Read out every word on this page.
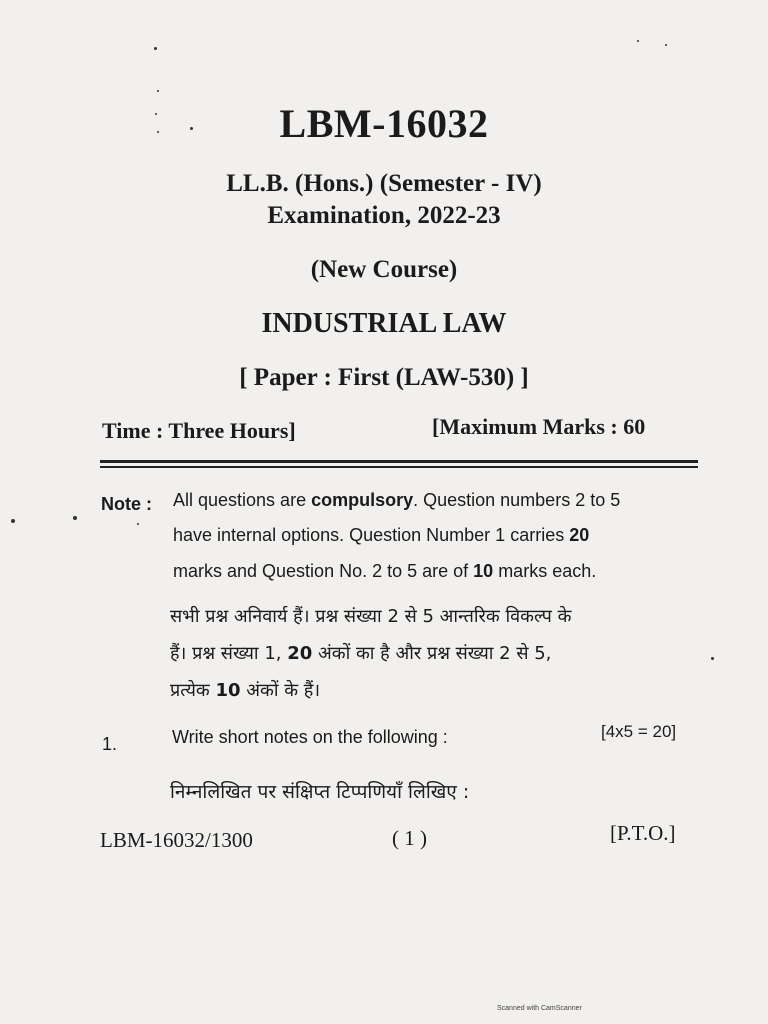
LBM-16032
LL.B. (Hons.) (Semester - IV)
Examination, 2022-23
(New Course)
INDUSTRIAL LAW
[ Paper : First (LAW-530) ]
Time : Three Hours]	[Maximum Marks : 60
Note : All questions are compulsory. Question numbers 2 to 5
have internal options. Question Number 1 carries 20
marks and Question No. 2 to 5 are of 10 marks each.
सभी प्रश्न अनिवार्य हैं। प्रश्न संख्या 2 से 5 आन्तरिक विकल्प के
हैं। प्रश्न संख्या 1, 20 अंकों का है और प्रश्न संख्या 2 से 5,
प्रत्येक 10 अंकों के हैं।
1.	Write short notes on the following :	[4x5 = 20]
निम्नलिखित पर संक्षिप्त टिप्पणियाँ लिखिए :
LBM-16032/1300	( 1 )	[P.T.O.]
Scanned with CamScanner
